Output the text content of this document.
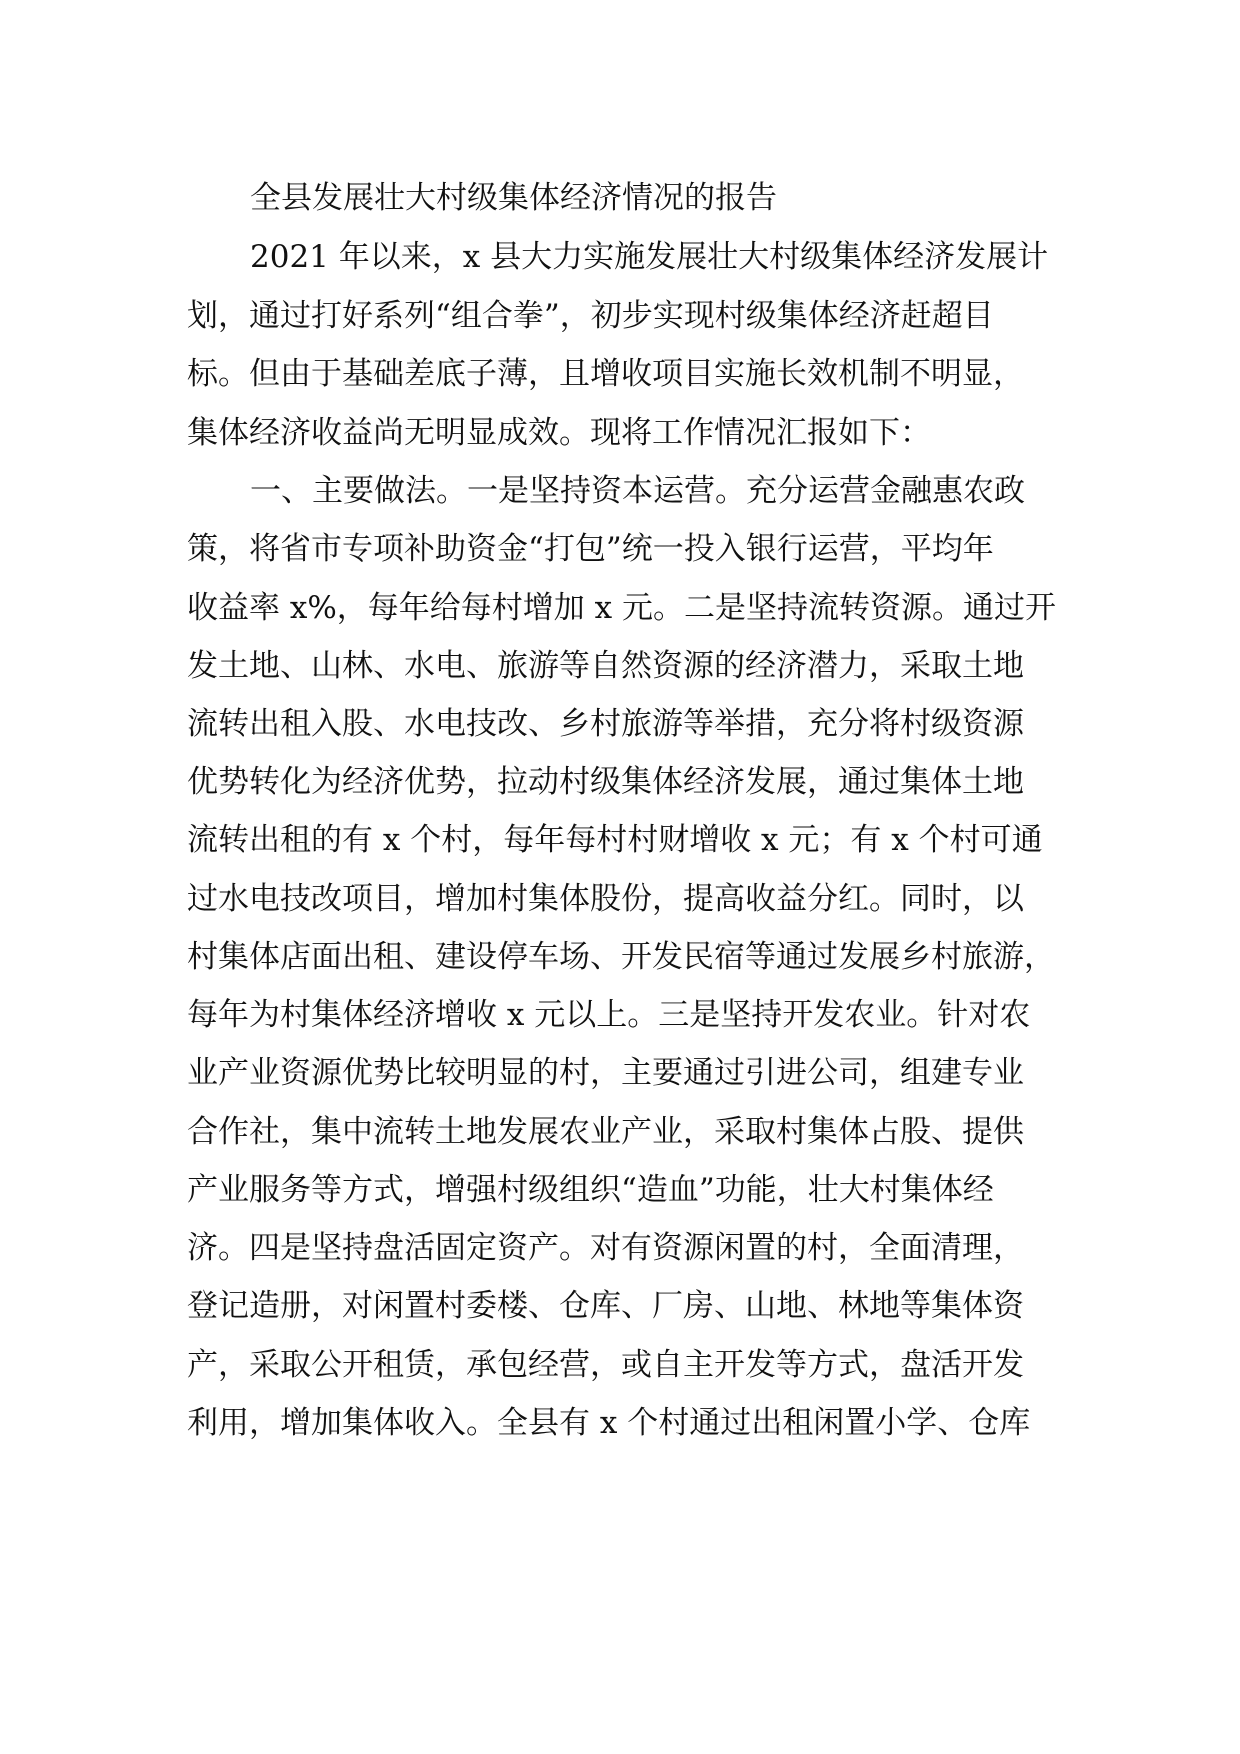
全县发展壮大村级集体经济情况的报告
2021 年以来，x 县大力实施发展壮大村级集体经济发展计
划，通过打好系列“组合拳”，初步实现村级集体经济赶超目
标。但由于基础差底子薄，且增收项目实施长效机制不明显，
集体经济收益尚无明显成效。现将工作情况汇报如下：
一、主要做法。一是坚持资本运营。充分运营金融惠农政
策，将省市专项补助资金“打包”统一投入银行运营，平均年
收益率 x%，每年给每村增加 x 元。二是坚持流转资源。通过开
发土地、山林、水电、旅游等自然资源的经济潜力，采取土地
流转出租入股、水电技改、乡村旅游等举措，充分将村级资源
优势转化为经济优势，拉动村级集体经济发展，通过集体土地
流转出租的有 x 个村，每年每村村财增收 x 元；有 x 个村可通
过水电技改项目，增加村集体股份，提高收益分红。同时，以
村集体店面出租、建设停车场、开发民宿等通过发展乡村旅游，
每年为村集体经济增收 x 元以上。三是坚持开发农业。针对农
业产业资源优势比较明显的村，主要通过引进公司，组建专业
合作社，集中流转土地发展农业产业，采取村集体占股、提供
产业服务等方式，增强村级组织“造血”功能，壮大村集体经
济。四是坚持盘活固定资产。对有资源闲置的村，全面清理，
登记造册，对闲置村委楼、仓库、厂房、山地、林地等集体资
产，采取公开租赁，承包经营，或自主开发等方式，盘活开发
利用，增加集体收入。全县有 x 个村通过出租闲置小学、仓库
